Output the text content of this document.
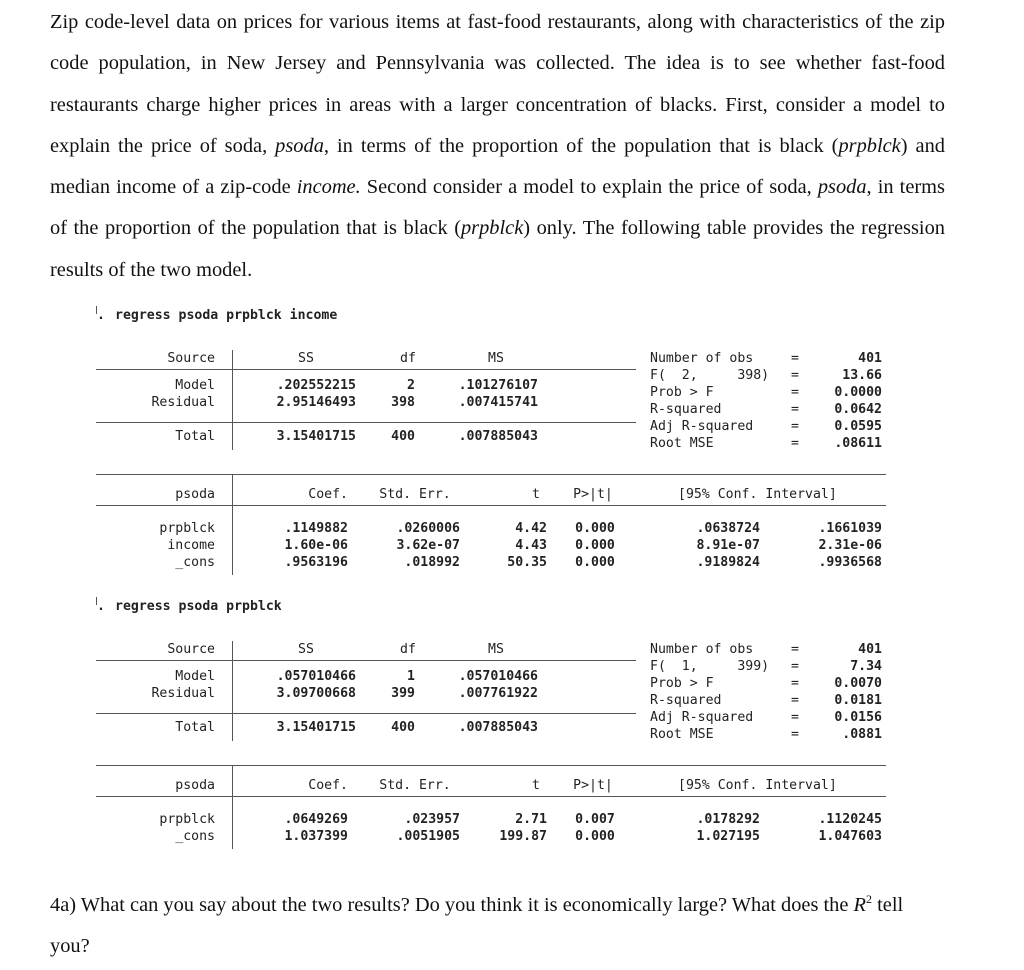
Zip code-level data on prices for various items at fast-food restaurants, along with characteristics of the zip code population, in New Jersey and Pennsylvania was collected. The idea is to see whether fast-food restaurants charge higher prices in areas with a larger concentration of blacks. First, consider a model to explain the price of soda, psoda, in terms of the proportion of the population that is black (prpblck) and median income of a zip-code income. Second consider a model to explain the price of soda, psoda, in terms of the proportion of the population that is black (prpblck) only. The following table provides the regression results of the two model.

. regress psoda prpblck income
Source	SS	df	MS
Model	.202552215	2	.101276107
Residual	2.95146493	398	.007415741
Total	3.15401715	400	.007885043
Number of obs	=	401
F(  2,     398)	=	13.66
Prob > F	=	0.0000
R-squared	=	0.0642
Adj R-squared	=	0.0595
Root MSE	=	.08611
psoda	Coef.	Std. Err.	t	P>|t|	[95% Conf. Interval]
prpblck	.1149882	.0260006	4.42	0.000	.0638724	.1661039
income	1.60e-06	3.62e-07	4.43	0.000	8.91e-07	2.31e-06
_cons	.9563196	.018992	50.35	0.000	.9189824	.9936568
. regress psoda prpblck
Source	SS	df	MS
Model	.057010466	1	.057010466
Residual	3.09700668	399	.007761922
Total	3.15401715	400	.007885043
Number of obs	=	401
F(  1,     399)	=	7.34
Prob > F	=	0.0070
R-squared	=	0.0181
Adj R-squared	=	0.0156
Root MSE	=	.0881
psoda	Coef.	Std. Err.	t	P>|t|	[95% Conf. Interval]
prpblck	.0649269	.023957	2.71	0.007	.0178292	.1120245
_cons	1.037399	.0051905	199.87	0.000	1.027195	1.047603

4a) What can you say about the two results? Do you think it is economically large? What does the $R^2$ tell you?
